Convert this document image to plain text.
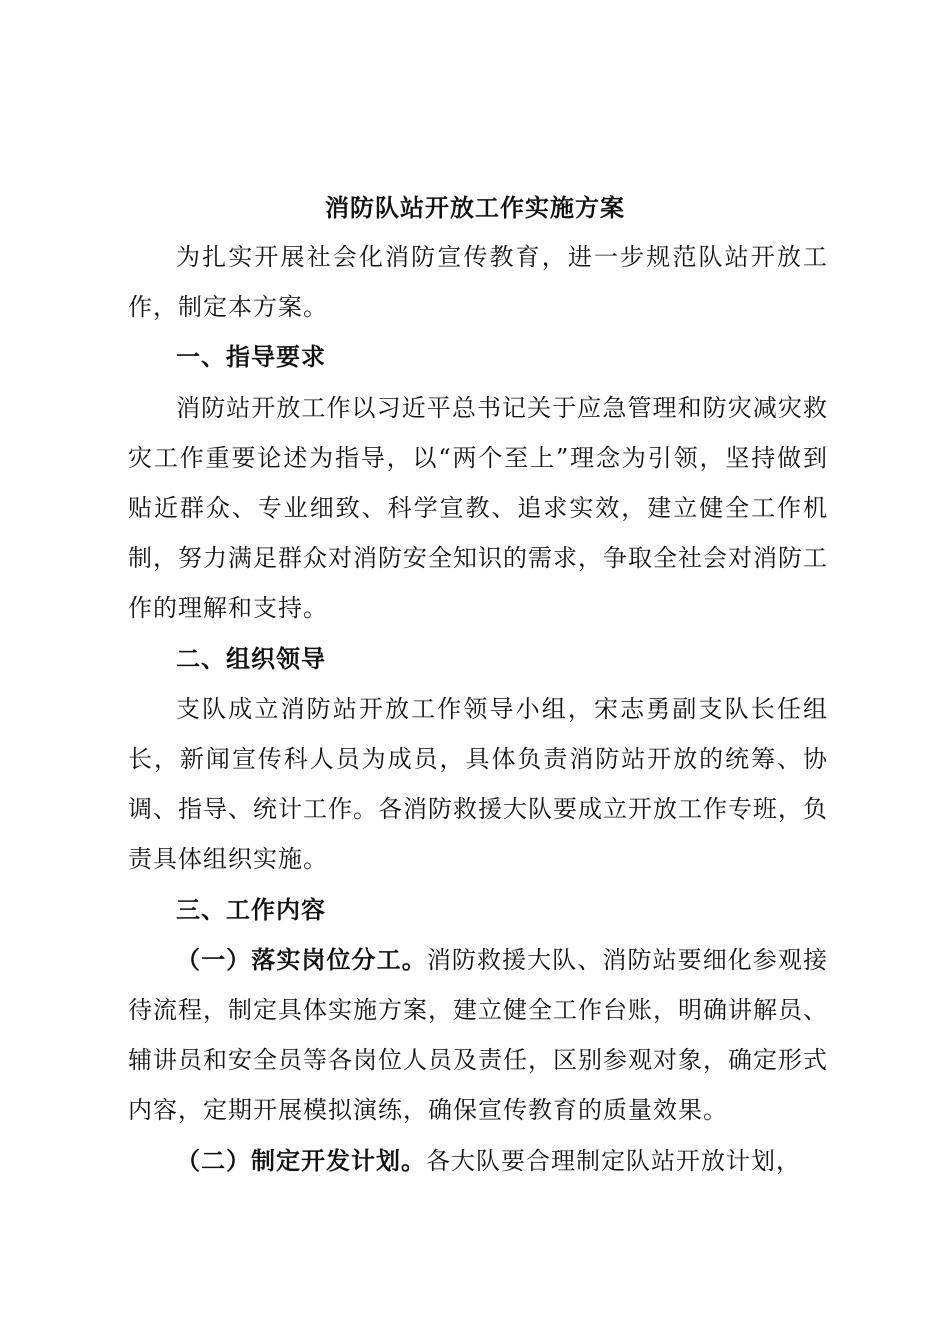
消防队站开放工作实施方案

为扎实开展社会化消防宣传教育，进一步规范队站开放工作，制定本方案。

一、指导要求

消防站开放工作以习近平总书记关于应急管理和防灾减灾救灾工作重要论述为指导，以“两个至上”理念为引领，坚持做到贴近群众、专业细致、科学宣教、追求实效，建立健全工作机制，努力满足群众对消防安全知识的需求，争取全社会对消防工作的理解和支持。

二、组织领导

支队成立消防站开放工作领导小组，宋志勇副支队长任组长，新闻宣传科人员为成员，具体负责消防站开放的统筹、协调、指导、统计工作。各消防救援大队要成立开放工作专班，负责具体组织实施。

三、工作内容

（一）落实岗位分工。消防救援大队、消防站要细化参观接待流程，制定具体实施方案，建立健全工作台账，明确讲解员、辅讲员和安全员等各岗位人员及责任，区别参观对象，确定形式内容，定期开展模拟演练，确保宣传教育的质量效果。

（二）制定开发计划。各大队要合理制定队站开放计划，
